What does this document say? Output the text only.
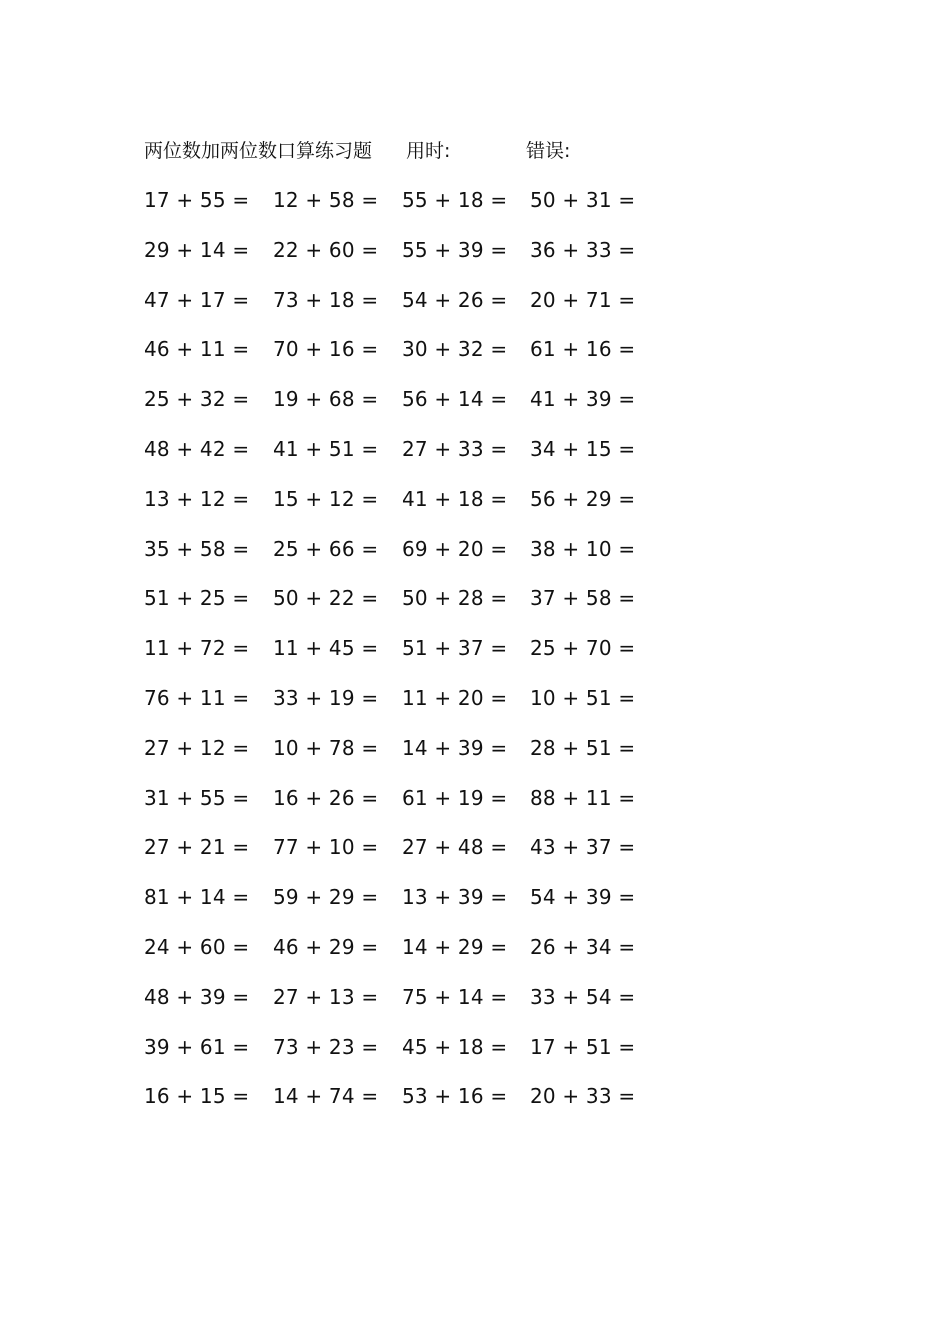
两位数加两位数口算练习题 用时:	错误:
17 + 55 = 12 + 58 = 55 + 18 = 50 + 31 =
29 + 14 = 22 + 60 = 55 + 39 = 36 + 33 =
47 + 17 = 73 + 18 = 54 + 26 = 20 + 71 =
46 + 11 = 70 + 16 = 30 + 32 = 61 + 16 =
25 + 32 = 19 + 68 = 56 + 14 = 41 + 39 =
48 + 42 = 41 + 51 = 27 + 33 = 34 + 15 =
13 + 12 = 15 + 12 = 41 + 18 = 56 + 29 =
35 + 58 = 25 + 66 = 69 + 20 = 38 + 10 =
51 + 25 = 50 + 22 = 50 + 28 = 37 + 58 =
11 + 72 = 11 + 45 = 51 + 37 = 25 + 70 =
76 + 11 = 33 + 19 = 11 + 20 = 10 + 51 =
27 + 12 = 10 + 78 = 14 + 39 = 28 + 51 =
31 + 55 = 16 + 26 = 61 + 19 = 88 + 11 =
27 + 21 = 77 + 10 = 27 + 48 = 43 + 37 =
81 + 14 = 59 + 29 = 13 + 39 = 54 + 39 =
24 + 60 = 46 + 29 = 14 + 29 = 26 + 34 =
48 + 39 = 27 + 13 = 75 + 14 = 33 + 54 =
39 + 61 = 73 + 23 = 45 + 18 = 17 + 51 =
16 + 15 = 14 + 74 = 53 + 16 = 20 + 33 =
